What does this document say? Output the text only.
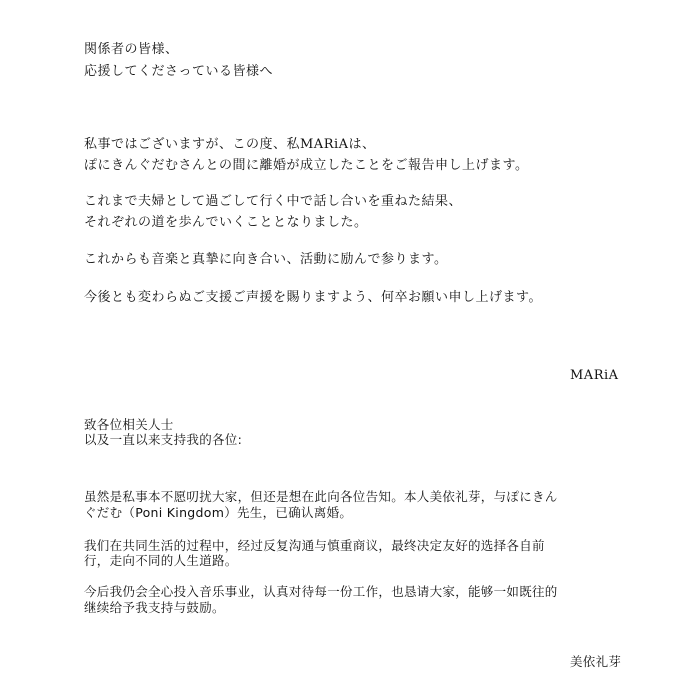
関係者の皆様、
応援してくださっている皆様へ
私事ではございますが、この度、私MARiAは、
ぽにきんぐだむさんとの間に離婚が成立したことをご報告申し上げます。
これまで夫婦として過ごして行く中で話し合いを重ねた結果、
それぞれの道を歩んでいくこととなりました。
これからも音楽と真摯に向き合い、活動に励んで参ります。
今後とも変わらぬご支援ご声援を賜りますよう、何卒お願い申し上げます。
MARiA
致各位相关人士
以及一直以来支持我的各位:
虽然是私事本不愿叨扰大家，但还是想在此向各位告知。本人美依礼芽，与ぽにきん
ぐだむ（Poni Kingdom）先生，已确认离婚。
我们在共同生活的过程中，经过反复沟通与慎重商议，最终决定友好的选择各自前
行，走向不同的人生道路。
今后我仍会全心投入音乐事业，认真对待每一份工作，也恳请大家，能够一如既往的
继续给予我支持与鼓励。
美依礼芽
